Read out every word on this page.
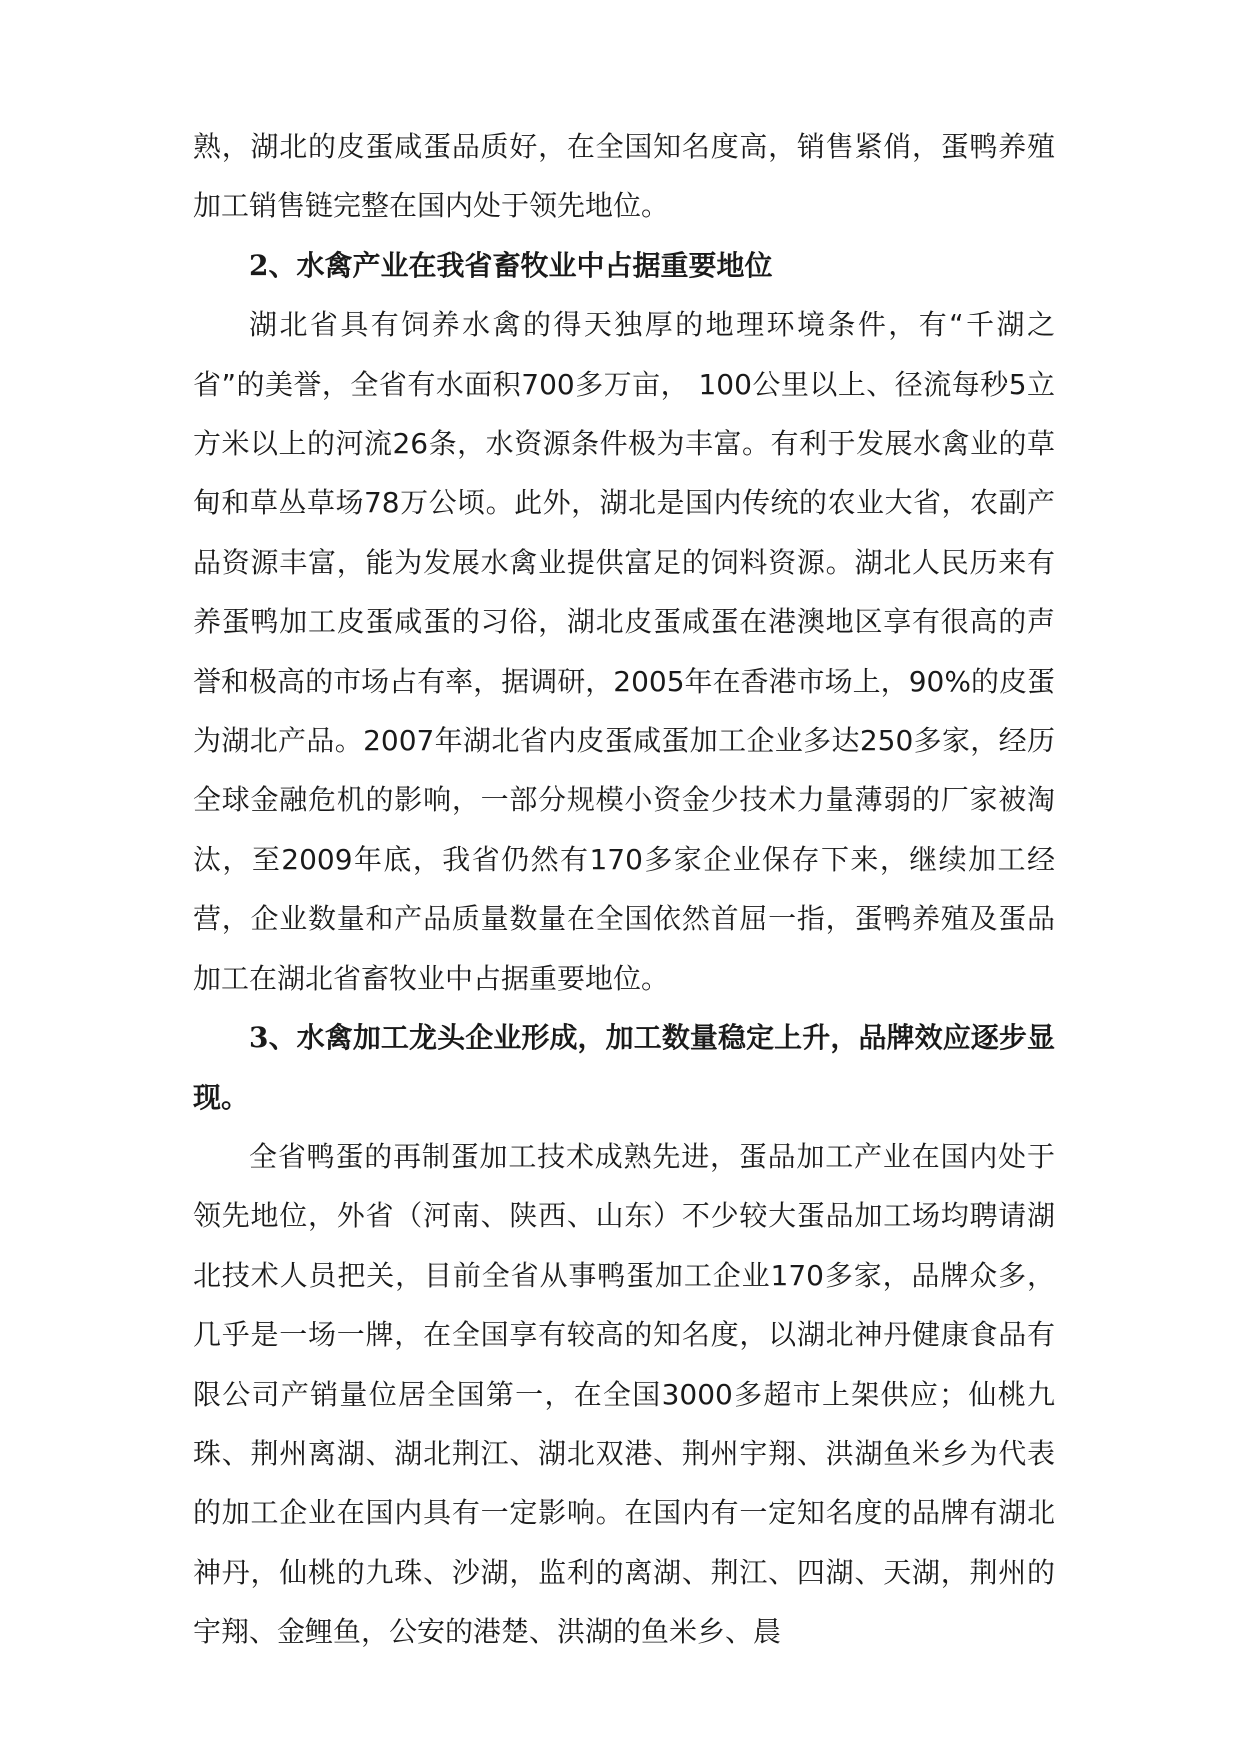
熟，湖北的皮蛋咸蛋品质好，在全国知名度高，销售紧俏，蛋鸭养殖加工销售链完整在国内处于领先地位。

2、水禽产业在我省畜牧业中占据重要地位

湖北省具有饲养水禽的得天独厚的地理环境条件，有“千湖之省”的美誉，全省有水面积700多万亩， 100公里以上、径流每秒5立方米以上的河流26条，水资源条件极为丰富。有利于发展水禽业的草甸和草丛草场78万公顷。此外，湖北是国内传统的农业大省，农副产品资源丰富，能为发展水禽业提供富足的饲料资源。湖北人民历来有养蛋鸭加工皮蛋咸蛋的习俗，湖北皮蛋咸蛋在港澳地区享有很高的声誉和极高的市场占有率，据调研，2005年在香港市场上，90%的皮蛋为湖北产品。2007年湖北省内皮蛋咸蛋加工企业多达250多家，经历全球金融危机的影响，一部分规模小资金少技术力量薄弱的厂家被淘汰，至2009年底，我省仍然有170多家企业保存下来，继续加工经营，企业数量和产品质量数量在全国依然首屈一指，蛋鸭养殖及蛋品加工在湖北省畜牧业中占据重要地位。

3、水禽加工龙头企业形成，加工数量稳定上升，品牌效应逐步显现。

全省鸭蛋的再制蛋加工技术成熟先进，蛋品加工产业在国内处于领先地位，外省（河南、陕西、山东）不少较大蛋品加工场均聘请湖北技术人员把关，目前全省从事鸭蛋加工企业170多家，品牌众多，几乎是一场一牌，在全国享有较高的知名度，以湖北神丹健康食品有限公司产销量位居全国第一，在全国3000多超市上架供应；仙桃九珠、荆州离湖、湖北荆江、湖北双港、荆州宇翔、洪湖鱼米乡为代表的加工企业在国内具有一定影响。在国内有一定知名度的品牌有湖北神丹，仙桃的九珠、沙湖，监利的离湖、荆江、四湖、天湖，荆州的宇翔、金鲤鱼，公安的港楚、洪湖的鱼米乡、晨
